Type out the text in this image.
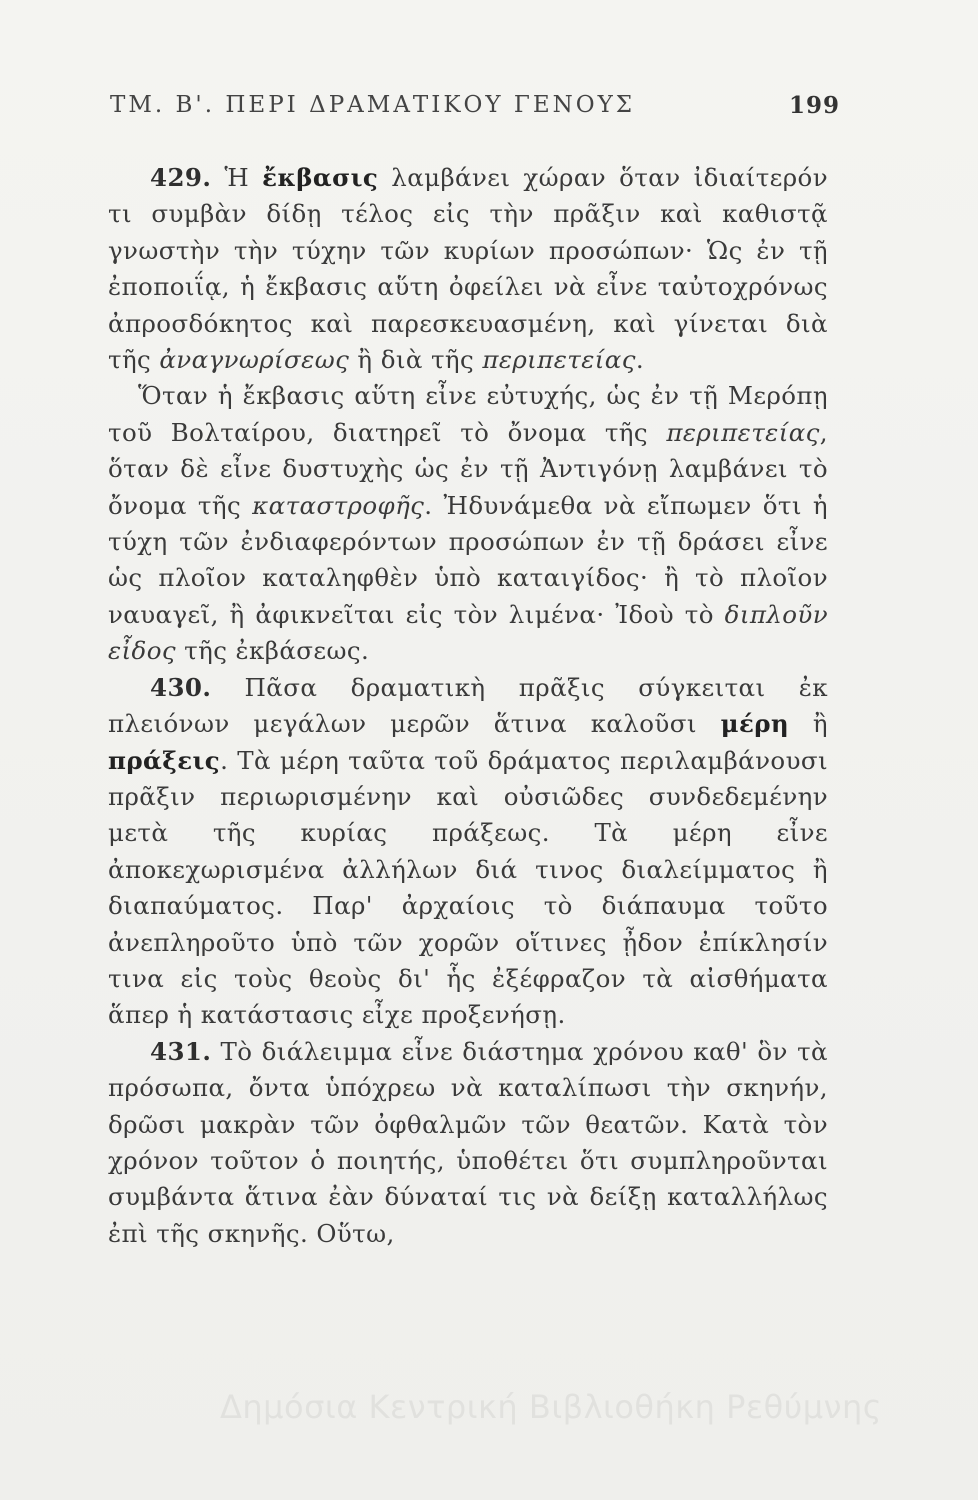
ΤΜ. Β'. ΠΕΡΙ ΔΡΑΜΑΤΙΚΟΥ ΓΕΝΟΥΣ	199

429. Ἡ ἔκβασις λαμβάνει χώραν ὅταν ἰδιαίτερόν τι συμβὰν δίδῃ τέλος εἰς τὴν πρᾶξιν καὶ καθιστᾷ γνωστὴν τὴν τύχην τῶν κυρίων προσώπων· Ὡς ἐν τῇ ἐποποιΐᾳ, ἡ ἔκβασις αὕτη ὀφείλει νὰ εἶνε ταὐτοχρόνως ἀπροσδόκητος καὶ παρεσκευασμένη, καὶ γίνεται διὰ τῆς ἀναγνωρίσεως ἢ διὰ τῆς περιπετείας.

Ὅταν ἡ ἔκβασις αὕτη εἶνε εὐτυχής, ὡς ἐν τῇ Μερόπῃ τοῦ Βολταίρου, διατηρεῖ τὸ ὄνομα τῆς περιπετείας, ὅταν δὲ εἶνε δυστυχὴς ὡς ἐν τῇ Ἀντιγόνῃ λαμβάνει τὸ ὄνομα τῆς καταστροφῆς. Ἠδυνάμεθα νὰ εἴπωμεν ὅτι ἡ τύχη τῶν ἐνδιαφερόντων προσώπων ἐν τῇ δράσει εἶνε ὡς πλοῖον καταληφθὲν ὑπὸ καταιγίδος· ἢ τὸ πλοῖον ναυαγεῖ, ἢ ἀφικνεῖται εἰς τὸν λιμένα· Ἰδοὺ τὸ διπλοῦν εἶδος τῆς ἐκβάσεως.

430. Πᾶσα δραματικὴ πρᾶξις σύγκειται ἐκ πλειόνων μεγάλων μερῶν ἅτινα καλοῦσι μέρη ἢ πράξεις. Τὰ μέρη ταῦτα τοῦ δράματος περιλαμβάνουσι πρᾶξιν περιωρισμένην καὶ οὐσιῶδες συνδεδεμένην μετὰ τῆς κυρίας πράξεως. Τὰ μέρη εἶνε ἀποκεχωρισμένα ἀλλήλων διά τινος διαλείμματος ἢ διαπαύματος. Παρ' ἀρχαίοις τὸ διάπαυμα τοῦτο ἀνεπληροῦτο ὑπὸ τῶν χορῶν οἵτινες ᾖδον ἐπίκλησίν τινα εἰς τοὺς θεοὺς δι' ἧς ἐξέφραζον τὰ αἰσθήματα ἅπερ ἡ κατάστασις εἶχε προξενήσῃ.

431. Τὸ διάλειμμα εἶνε διάστημα χρόνου καθ' ὃν τὰ πρόσωπα, ὄντα ὑπόχρεω νὰ καταλίπωσι τὴν σκηνήν, δρῶσι μακρὰν τῶν ὀφθαλμῶν τῶν θεατῶν. Κατὰ τὸν χρόνον τοῦτον ὁ ποιητής, ὑποθέτει ὅτι συμπληροῦνται συμβάντα ἅτινα ἐὰν δύναταί τις νὰ δείξῃ καταλλήλως ἐπὶ τῆς σκηνῆς. Οὕτω,

Δημόσια Κεντρική Βιβλιοθήκη Ρεθύμνης
